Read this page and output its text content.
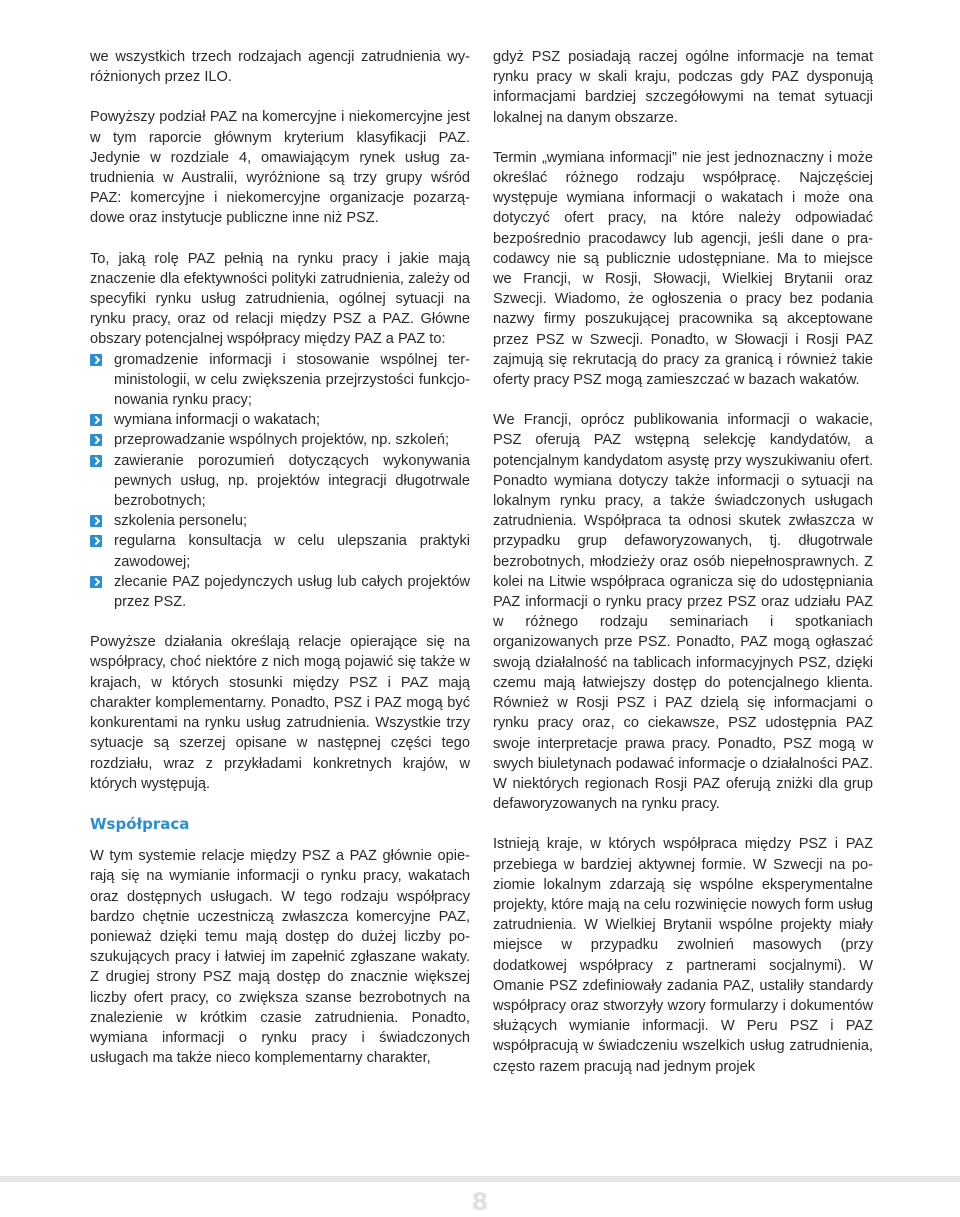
we wszystkich trzech rodzajach agencji zatrudnienia wyróżnionych przez ILO.

Powyższy podział PAZ na komercyjne i niekomercyjne jest w tym raporcie głównym kryterium klasyfikacji PAZ. Jedynie w rozdziale 4, omawiającym rynek usług zatrudnienia w Australii, wyróżnione są trzy grupy wśród PAZ: komercyjne i niekomercyjne organizacje pozarządowe oraz instytucje publiczne inne niż PSZ.

To, jaką rolę PAZ pełnią na rynku pracy i jakie mają znaczenie dla efektywności polityki zatrudnienia, zależy od specyfiki rynku usług zatrudnienia, ogólnej sytuacji na rynku pracy, oraz od relacji między PSZ a PAZ. Główne obszary potencjalnej współpracy między PAZ a PAZ to:

gromadzenie informacji i stosowanie wspólnej terministologii, w celu zwiększenia przejrzystości funkcjonowania rynku pracy;
wymiana informacji o wakatach;
przeprowadzanie wspólnych projektów, np. szkoleń;
zawieranie porozumień dotyczących wykonywania pewnych usług, np. projektów integracji długotrwale bezrobotnych;
szkolenia personelu;
regularna konsultacja w celu ulepszania praktyki zawodowej;
zlecanie PAZ pojedynczych usług lub całych projektów przez PSZ.

Powyższe działania określają relacje opierające się na współpracy, choć niektóre z nich mogą pojawić się także w krajach, w których stosunki między PSZ i PAZ mają charakter komplementarny. Ponadto, PSZ i PAZ mogą być konkurentami na rynku usług zatrudnienia. Wszystkie trzy sytuacje są szerzej opisane w następnej części tego rozdziału, wraz z przykładami konkretnych krajów, w których występują.

Współpraca

W tym systemie relacje między PSZ a PAZ głównie opierają się na wymianie informacji o rynku pracy, wakatach oraz dostępnych usługach. W tego rodzaju współpracy bardzo chętnie uczestniczą zwłaszcza komercyjne PAZ, ponieważ dzięki temu mają dostęp do dużej liczby poszukujących pracy i łatwiej im zapełnić zgłaszane wakaty. Z drugiej strony PSZ mają dostęp do znacznie większej liczby ofert pracy, co zwiększa szanse bezrobotnych na znalezienie w krótkim czasie zatrudnienia. Ponadto, wymiana informacji o rynku pracy i świadczonych usługach ma także nieco komplementarny charakter,

gdyż PSZ posiadają raczej ogólne informacje na temat rynku pracy w skali kraju, podczas gdy PAZ dysponują informacjami bardziej szczegółowymi na temat sytuacji lokalnej na danym obszarze.

Termin „wymiana informacji” nie jest jednoznaczny i może określać różnego rodzaju współpracę. Najczęściej występuje wymiana informacji o wakatach i może ona dotyczyć ofert pracy, na które należy odpowiadać bezpośrednio pracodawcy lub agencji, jeśli dane o pracodawcy nie są publicznie udostępniane. Ma to miejsce we Francji, w Rosji, Słowacji, Wielkiej Brytanii oraz Szwecji. Wiadomo, że ogłoszenia o pracy bez podania nazwy firmy poszukującej pracownika są akceptowane przez PSZ w Szwecji. Ponadto, w Słowacji i Rosji PAZ zajmują się rekrutacją do pracy za granicą i również takie oferty pracy PSZ mogą zamieszczać w bazach wakatów.

We Francji, oprócz publikowania informacji o wakacie, PSZ oferują PAZ wstępną selekcję kandydatów, a potencjalnym kandydatom asystę przy wyszukiwaniu ofert. Ponadto wymiana dotyczy także informacji o sytuacji na lokalnym rynku pracy, a także świadczonych usługach zatrudnienia. Współpraca ta odnosi skutek zwłaszcza w przypadku grup defaworyzowanych, tj. długotrwale bezrobotnych, młodzieży oraz osób niepełnosprawnych. Z kolei na Litwie współpraca ogranicza się do udostępniania PAZ informacji o rynku pracy przez PSZ oraz udziału PAZ w różnego rodzaju seminariach i spotkaniach organizowanych prze PSZ. Ponadto, PAZ mogą ogłaszać swoją działalność na tablicach informacyjnych PSZ, dzięki czemu mają łatwiejszy dostęp do potencjalnego klienta. Również w Rosji PSZ i PAZ dzielą się informacjami o rynku pracy oraz, co ciekawsze, PSZ udostępnia PAZ swoje interpretacje prawa pracy. Ponadto, PSZ mogą w swych biuletynach podawać informacje o działalności PAZ. W niektórych regionach Rosji PAZ oferują zniżki dla grup defaworyzowanych na rynku pracy.

Istnieją kraje, w których współpraca między PSZ i PAZ przebiega w bardziej aktywnej formie. W Szwecji na poziomie lokalnym zdarzają się wspólne eksperymentalne projekty, które mają na celu rozwinięcie nowych form usług zatrudnienia. W Wielkiej Brytanii wspólne projekty miały miejsce w przypadku zwolnień masowych (przy dodatkowej współpracy z partnerami socjalnymi). W Omanie PSZ zdefiniowały zadania PAZ, ustaliły standardy współpracy oraz stworzyły wzory formularzy i dokumentów służących wymianie informacji. W Peru PSZ i PAZ współpracują w świadczeniu wszelkich usług zatrudnienia, często razem pracują nad jednym projek

8
